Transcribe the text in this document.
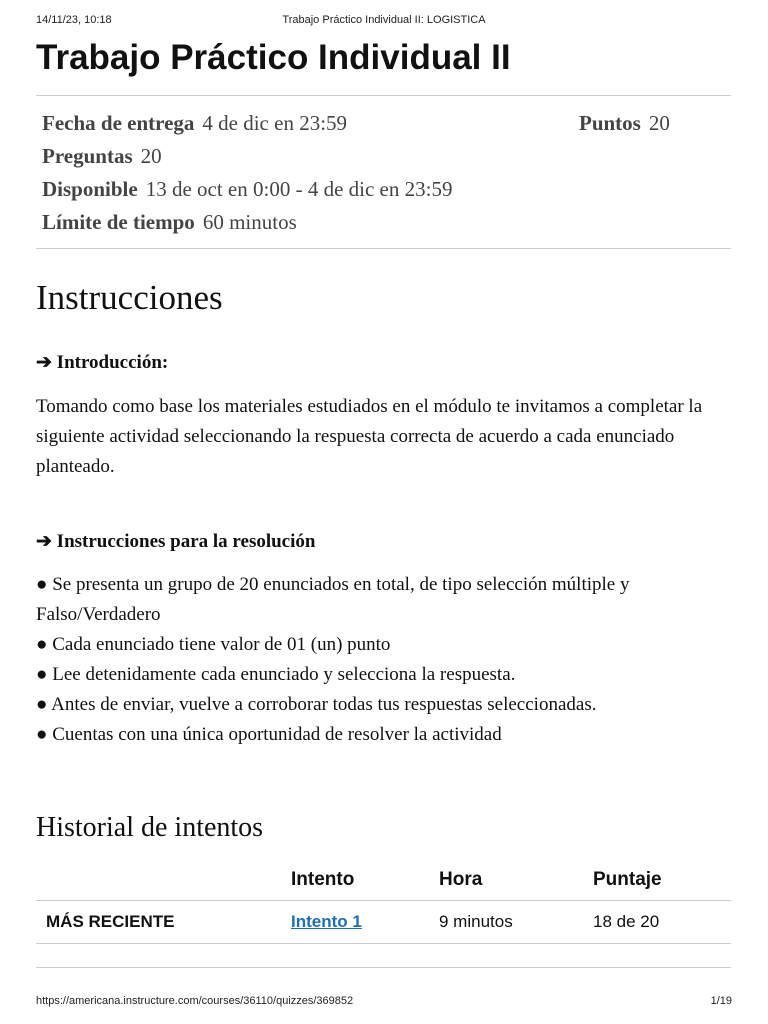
14/11/23, 10:18	Trabajo Práctico Individual II: LOGISTICA
Trabajo Práctico Individual II
Fecha de entrega 4 de dic en 23:59	Puntos 20
Preguntas 20
Disponible 13 de oct en 0:00 - 4 de dic en 23:59
Límite de tiempo 60 minutos
Instrucciones
➔ Introducción:

Tomando como base los materiales estudiados en el módulo te invitamos a completar la siguiente actividad seleccionando la respuesta correcta de acuerdo a cada enunciado planteado.

➔ Instrucciones para la resolución
● Se presenta un grupo de 20 enunciados en total, de tipo selección múltiple y Falso/Verdadero
● Cada enunciado tiene valor de 01 (un) punto
● Lee detenidamente cada enunciado y selecciona la respuesta.
● Antes de enviar, vuelve a corroborar todas tus respuestas seleccionadas.
● Cuentas con una única oportunidad de resolver la actividad
Historial de intentos
	Intento	Hora	Puntaje
MÁS RECIENTE	Intento 1	9 minutos	18 de 20
https://americana.instructure.com/courses/36110/quizzes/369852	1/19
